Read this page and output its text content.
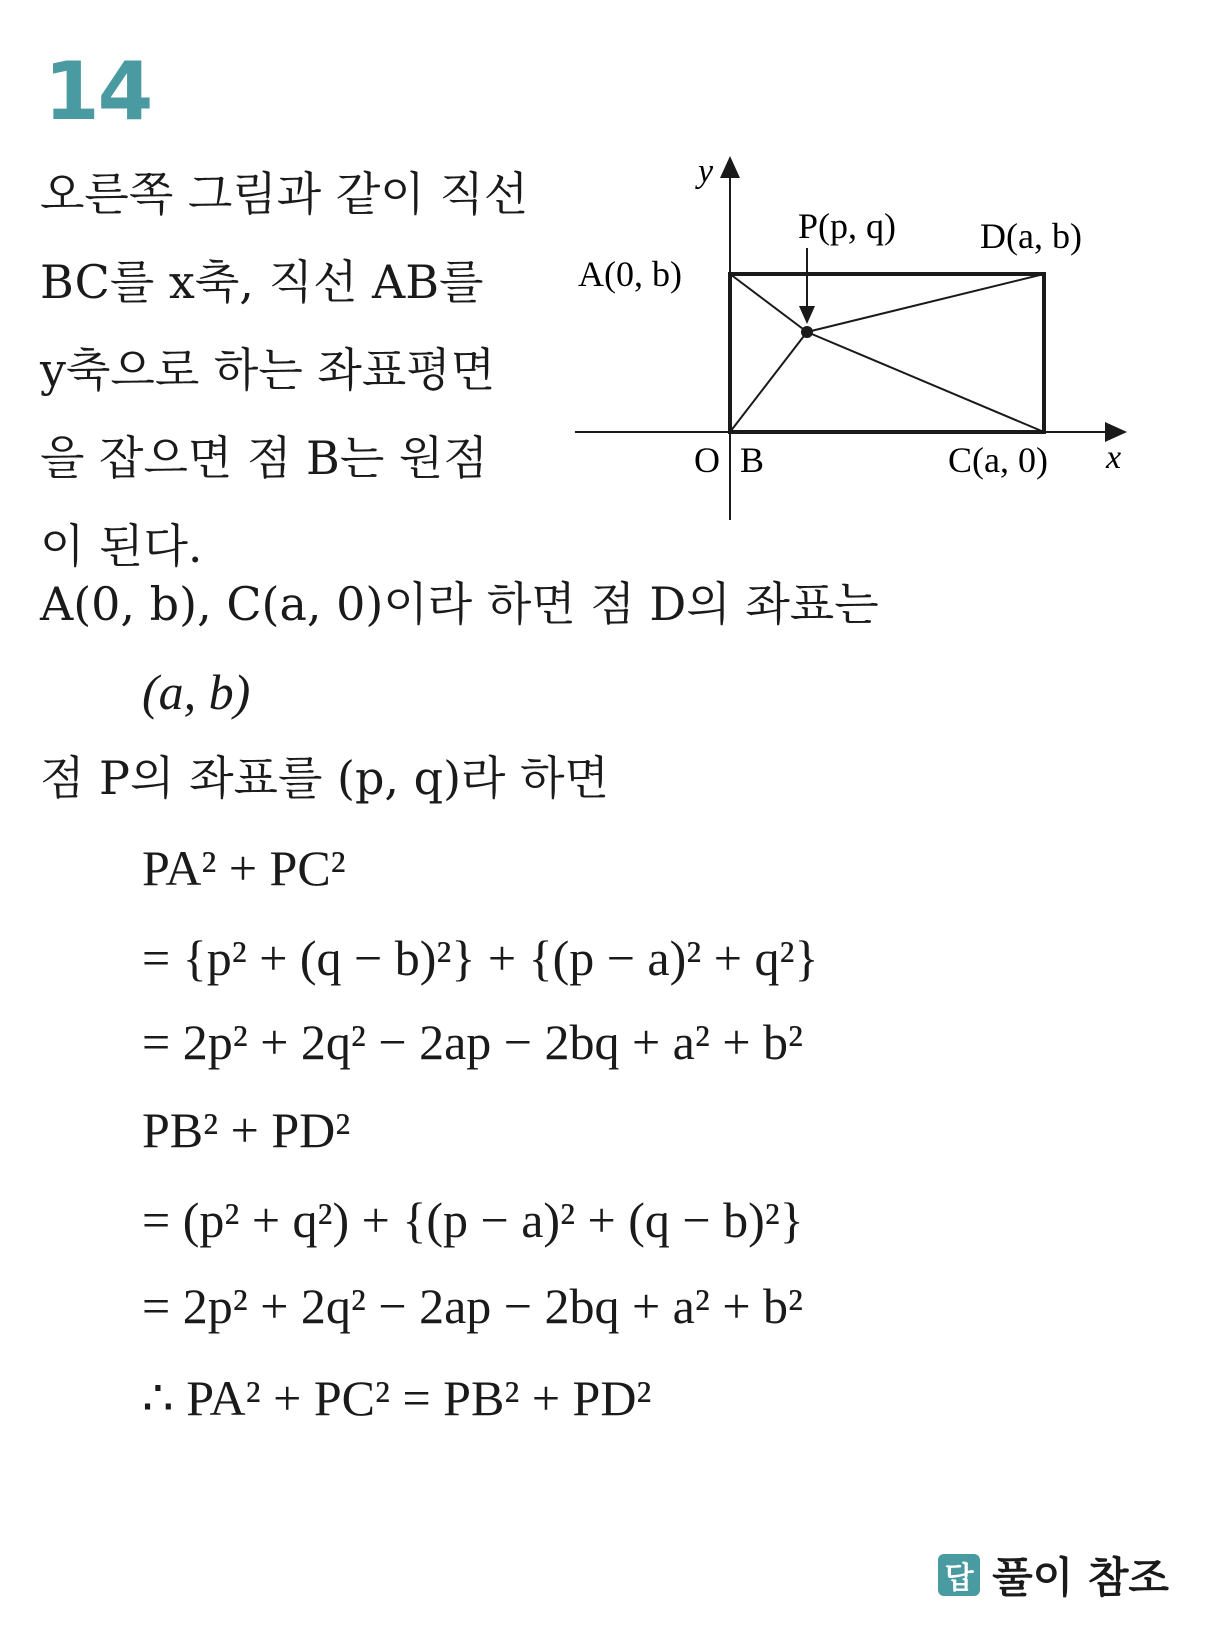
14
오른쪽 그림과 같이 직선
BC를 x축, 직선 AB를
y축으로 하는 좌표평면
을 잡으면 점 B는 원점
이 된다.
y
x
P(p, q) D(a, b)
A(0, b)
O B	C(a, 0)
A(0, b), C(a, 0)이라 하면 점 D의 좌표는
(a, b)
점 P의 좌표를 (p, q)라 하면
PA² + PC²
= {p² + (q − b)²} + {(p − a)² + q²}
= 2p² + 2q² − 2ap − 2bq + a² + b²
PB² + PD²
= (p² + q²) + {(p − a)² + (q − b)²}
= 2p² + 2q² − 2ap − 2bq + a² + b²
∴ PA² + PC² = PB² + PD²
답 풀이 참조
